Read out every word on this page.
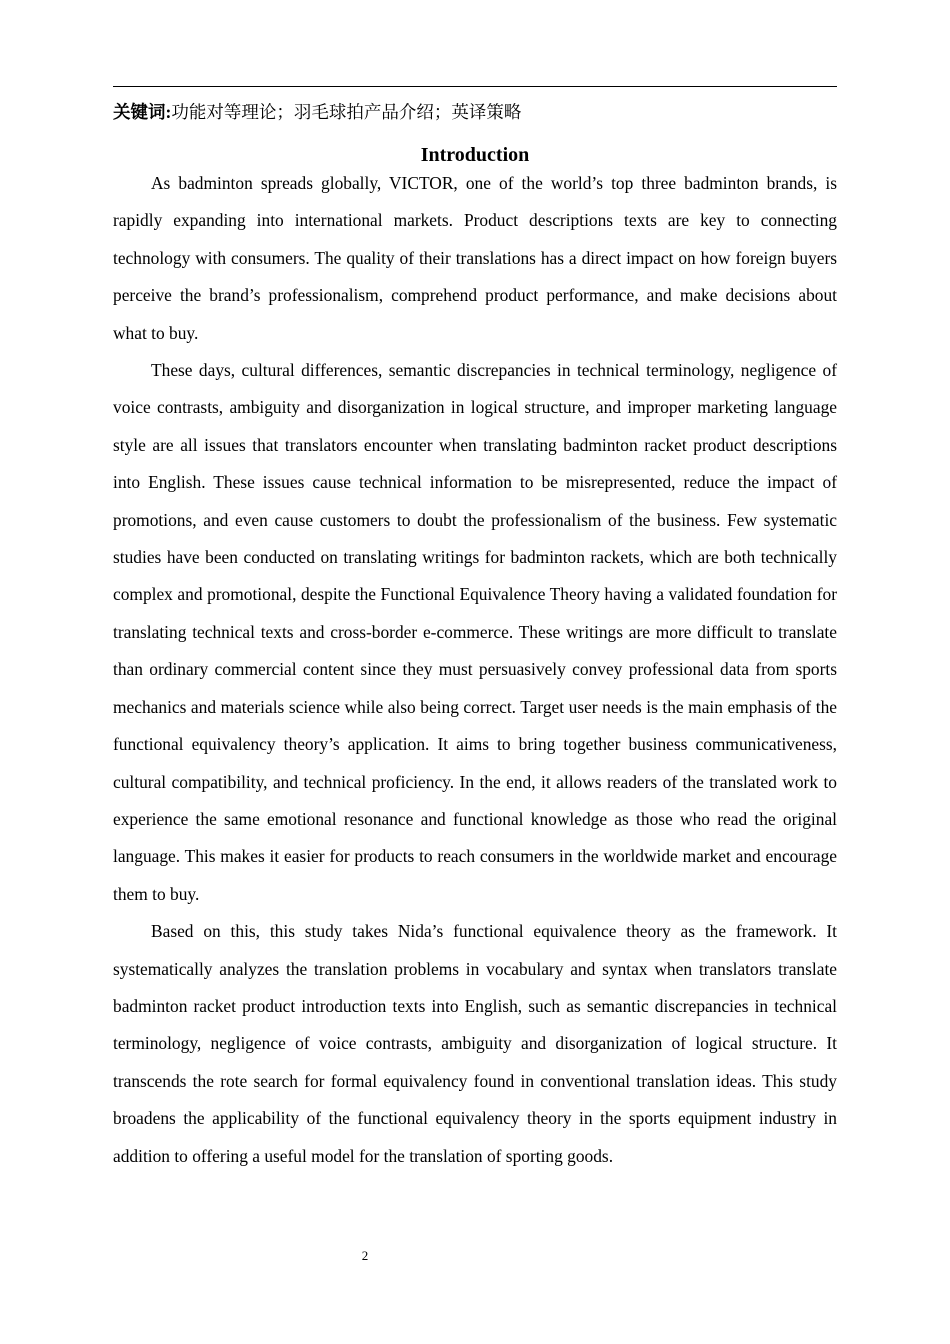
关键词:功能对等理论；羽毛球拍产品介绍；英译策略
Introduction

As badminton spreads globally, VICTOR, one of the world’s top three badminton brands, is rapidly expanding into international markets. Product descriptions texts are key to connecting technology with consumers. The quality of their translations has a direct impact on how foreign buyers perceive the brand’s professionalism, comprehend product performance, and make decisions about what to buy.

These days, cultural differences, semantic discrepancies in technical terminology, negligence of voice contrasts, ambiguity and disorganization in logical structure, and improper marketing language style are all issues that translators encounter when translating badminton racket product descriptions into English. These issues cause technical information to be misrepresented, reduce the impact of promotions, and even cause customers to doubt the professionalism of the business. Few systematic studies have been conducted on translating writings for badminton rackets, which are both technically complex and promotional, despite the Functional Equivalence Theory having a validated foundation for translating technical texts and cross-border e-commerce. These writings are more difficult to translate than ordinary commercial content since they must persuasively convey professional data from sports mechanics and materials science while also being correct. Target user needs is the main emphasis of the functional equivalency theory’s application. It aims to bring together business communicativeness, cultural compatibility, and technical proficiency. In the end, it allows readers of the translated work to experience the same emotional resonance and functional knowledge as those who read the original language. This makes it easier for products to reach consumers in the worldwide market and encourage them to buy.

Based on this, this study takes Nida’s functional equivalence theory as the framework. It systematically analyzes the translation problems in vocabulary and syntax when translators translate badminton racket product introduction texts into English, such as semantic discrepancies in technical terminology, negligence of voice contrasts, ambiguity and disorganization of logical structure. It transcends the rote search for formal equivalency found in conventional translation ideas. This study broadens the applicability of the functional equivalency theory in the sports equipment industry in addition to offering a useful model for the translation of sporting goods.

2
